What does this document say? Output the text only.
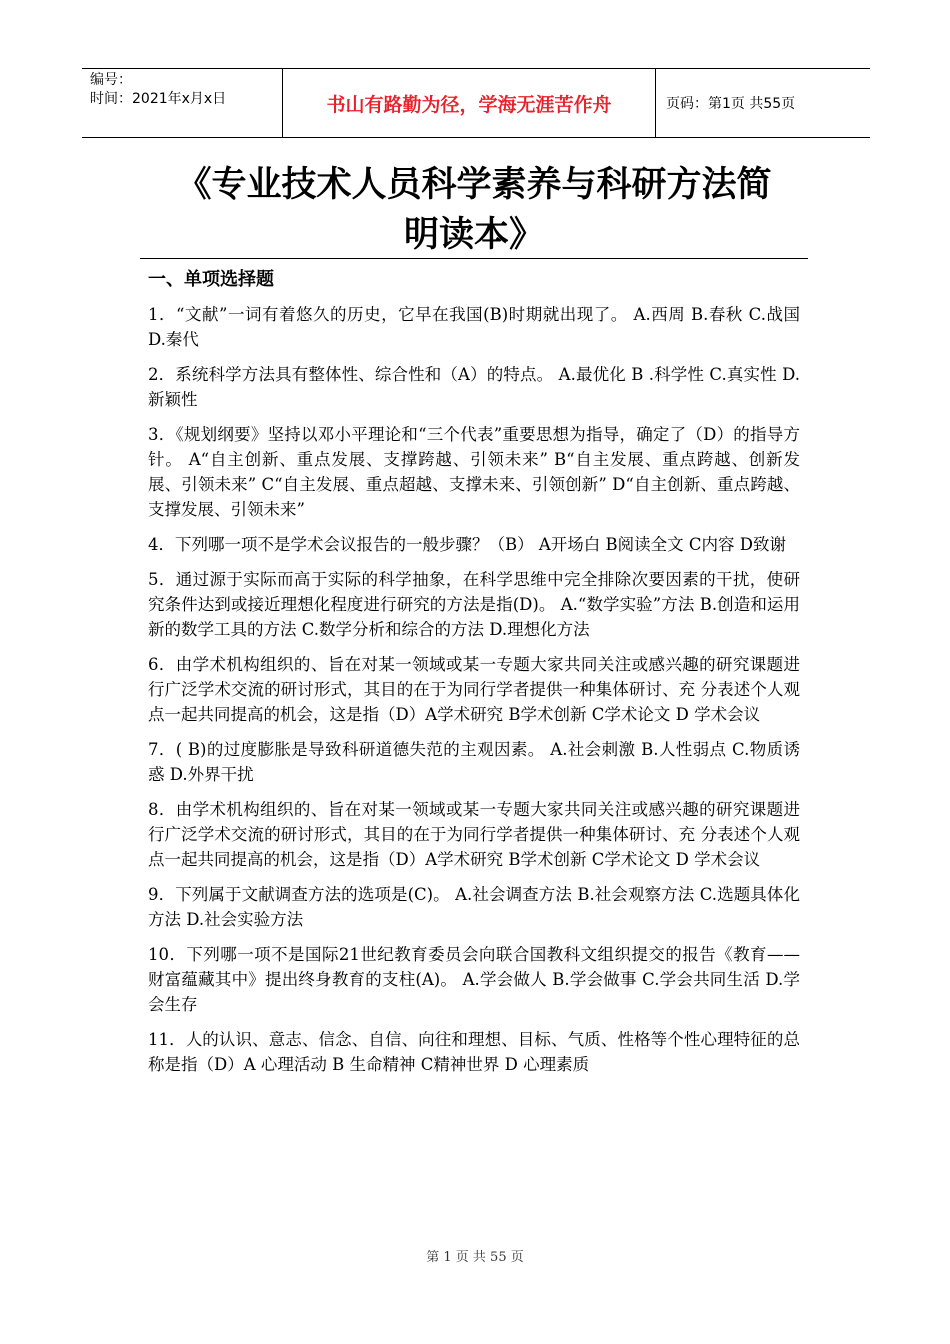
编号：
时间：2021年x月x日	书山有路勤为径，学海无涯苦作舟	页码：第1页 共55页
《专业技术人员科学素养与科研方法简
明读本》
一、单项选择题

1．“文献”一词有着悠久的历史，它早在我国(B)时期就出现了。 A.西周 B.春秋 C.战国 D.秦代

2．系统科学方法具有整体性、综合性和（A）的特点。 A.最优化 B .科学性 C.真实性 D.新颖性

3．《规划纲要》坚持以邓小平理论和“三个代表”重要思想为指导，确定了（D）的指导方针。 A“自主创新、重点发展、支撑跨越、引领未来” B“自主发展、重点跨越、创新发展、引领未来” C“自主发展、重点超越、支撑未来、引领创新” D“自主创新、重点跨越、支撑发展、引领未来”

4．下列哪一项不是学术会议报告的一般步骤？（B） A开场白 B阅读全文 C内容 D致谢

5．通过源于实际而高于实际的科学抽象，在科学思维中完全排除次要因素的干扰，使研究条件达到或接近理想化程度进行研究的方法是指(D)。 A.“数学实验”方法 B.创造和运用新的数学工具的方法 C.数学分析和综合的方法 D.理想化方法

6．由学术机构组织的、旨在对某一领域或某一专题大家共同关注或感兴趣的研究课题进行广泛学术交流的研讨形式，其目的在于为同行学者提供一种集体研讨、充 分表述个人观点一起共同提高的机会，这是指（D）A学术研究 B学术创新 C学术论文 D 学术会议

7．( B)的过度膨胀是导致科研道德失范的主观因素。 A.社会刺激 B.人性弱点 C.物质诱惑 D.外界干扰

8．由学术机构组织的、旨在对某一领域或某一专题大家共同关注或感兴趣的研究课题进行广泛学术交流的研讨形式，其目的在于为同行学者提供一种集体研讨、充 分表述个人观点一起共同提高的机会，这是指（D）A学术研究 B学术创新 C学术论文 D 学术会议

9．下列属于文献调查方法的选项是(C)。 A.社会调查方法 B.社会观察方法 C.选题具体化方法 D.社会实验方法

10．下列哪一项不是国际21世纪教育委员会向联合国教科文组织提交的报告《教育——财富蕴藏其中》提出终身教育的支柱(A)。 A.学会做人 B.学会做事 C.学会共同生活 D.学会生存

11．人的认识、意志、信念、自信、向往和理想、目标、气质、性格等个性心理特征的总称是指（D）A 心理活动 B 生命精神 C精神世界 D 心理素质

第 1 页 共 55 页
